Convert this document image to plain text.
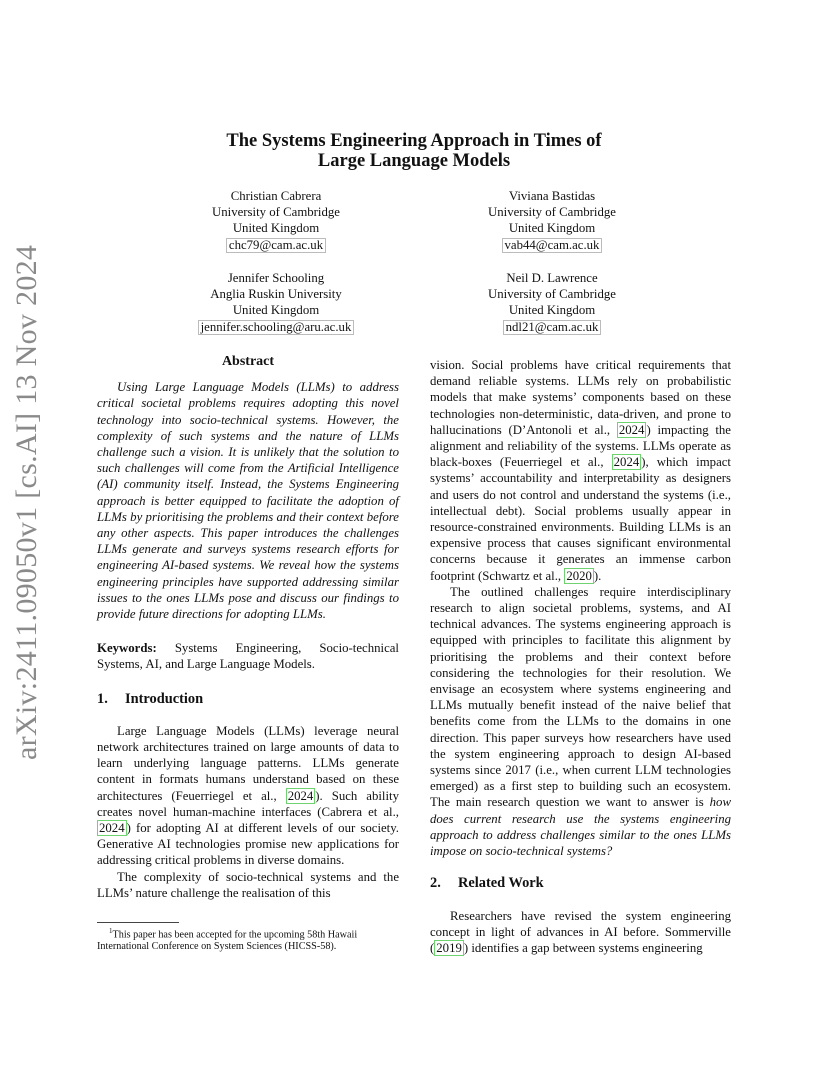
arXiv:2411.09050v1 [cs.AI] 13 Nov 2024
The Systems Engineering Approach in Times of
Large Language Models
Christian Cabrera
University of Cambridge
United Kingdom
chc79@cam.ac.uk
Viviana Bastidas
University of Cambridge
United Kingdom
vab44@cam.ac.uk
Jennifer Schooling
Anglia Ruskin University
United Kingdom
jennifer.schooling@aru.ac.uk
Neil D. Lawrence
University of Cambridge
United Kingdom
ndl21@cam.ac.uk
Abstract

Using Large Language Models (LLMs) to address critical societal problems requires adopting this novel technology into socio-technical systems. However, the complexity of such systems and the nature of LLMs challenge such a vision. It is unlikely that the solution to such challenges will come from the Artificial Intelligence (AI) community itself. Instead, the Systems Engineering approach is better equipped to facilitate the adoption of LLMs by prioritising the problems and their context before any other aspects. This paper introduces the challenges LLMs generate and surveys systems research efforts for engineering AI-based systems. We reveal how the systems engineering principles have supported addressing similar issues to the ones LLMs pose and discuss our findings to provide future directions for adopting LLMs.

Keywords: Systems Engineering, Socio-technical Systems, AI, and Large Language Models.

1. Introduction

Large Language Models (LLMs) leverage neural network architectures trained on large amounts of data to learn underlying language patterns. LLMs generate content in formats humans understand based on these architectures (Feuerriegel et al., 2024 ). Such ability creates novel human-machine interfaces (Cabrera et al., 2024 ) for adopting AI at different levels of our society. Generative AI technologies promise new applications for addressing critical problems in diverse domains.

The complexity of socio-technical systems and the LLMs’ nature challenge the realisation of this

$^1$This paper has been accepted for the upcoming 58th Hawaii International Conference on System Sciences (HICSS-58).

vision. Social problems have critical requirements that demand reliable systems. LLMs rely on probabilistic models that make systems’ components based on these technologies non-deterministic, data-driven, and prone to hallucinations (D’Antonoli et al., 2024 ) impacting the alignment and reliability of the systems. LLMs operate as black-boxes (Feuerriegel et al., 2024 ), which impact systems’ accountability and interpretability as designers and users do not control and understand the systems (i.e., intellectual debt). Social problems usually appear in resource-constrained environments. Building LLMs is an expensive process that causes significant environmental concerns because it generates an immense carbon footprint (Schwartz et al., 2020 ).

The outlined challenges require interdisciplinary research to align societal problems, systems, and AI technical advances. The systems engineering approach is equipped with principles to facilitate this alignment by prioritising the problems and their context before considering the technologies for their resolution. We envisage an ecosystem where systems engineering and LLMs mutually benefit instead of the naive belief that benefits come from the LLMs to the domains in one direction. This paper surveys how researchers have used the system engineering approach to design AI-based systems since 2017 (i.e., when current LLM technologies emerged) as a first step to building such an ecosystem. The main research question we want to answer is how does current research use the systems engineering approach to address challenges similar to the ones LLMs impose on socio-technical systems?

2. Related Work

Researchers have revised the system engineering concept in light of advances in AI before. Sommerville ( 2019 ) identifies a gap between systems engineering
